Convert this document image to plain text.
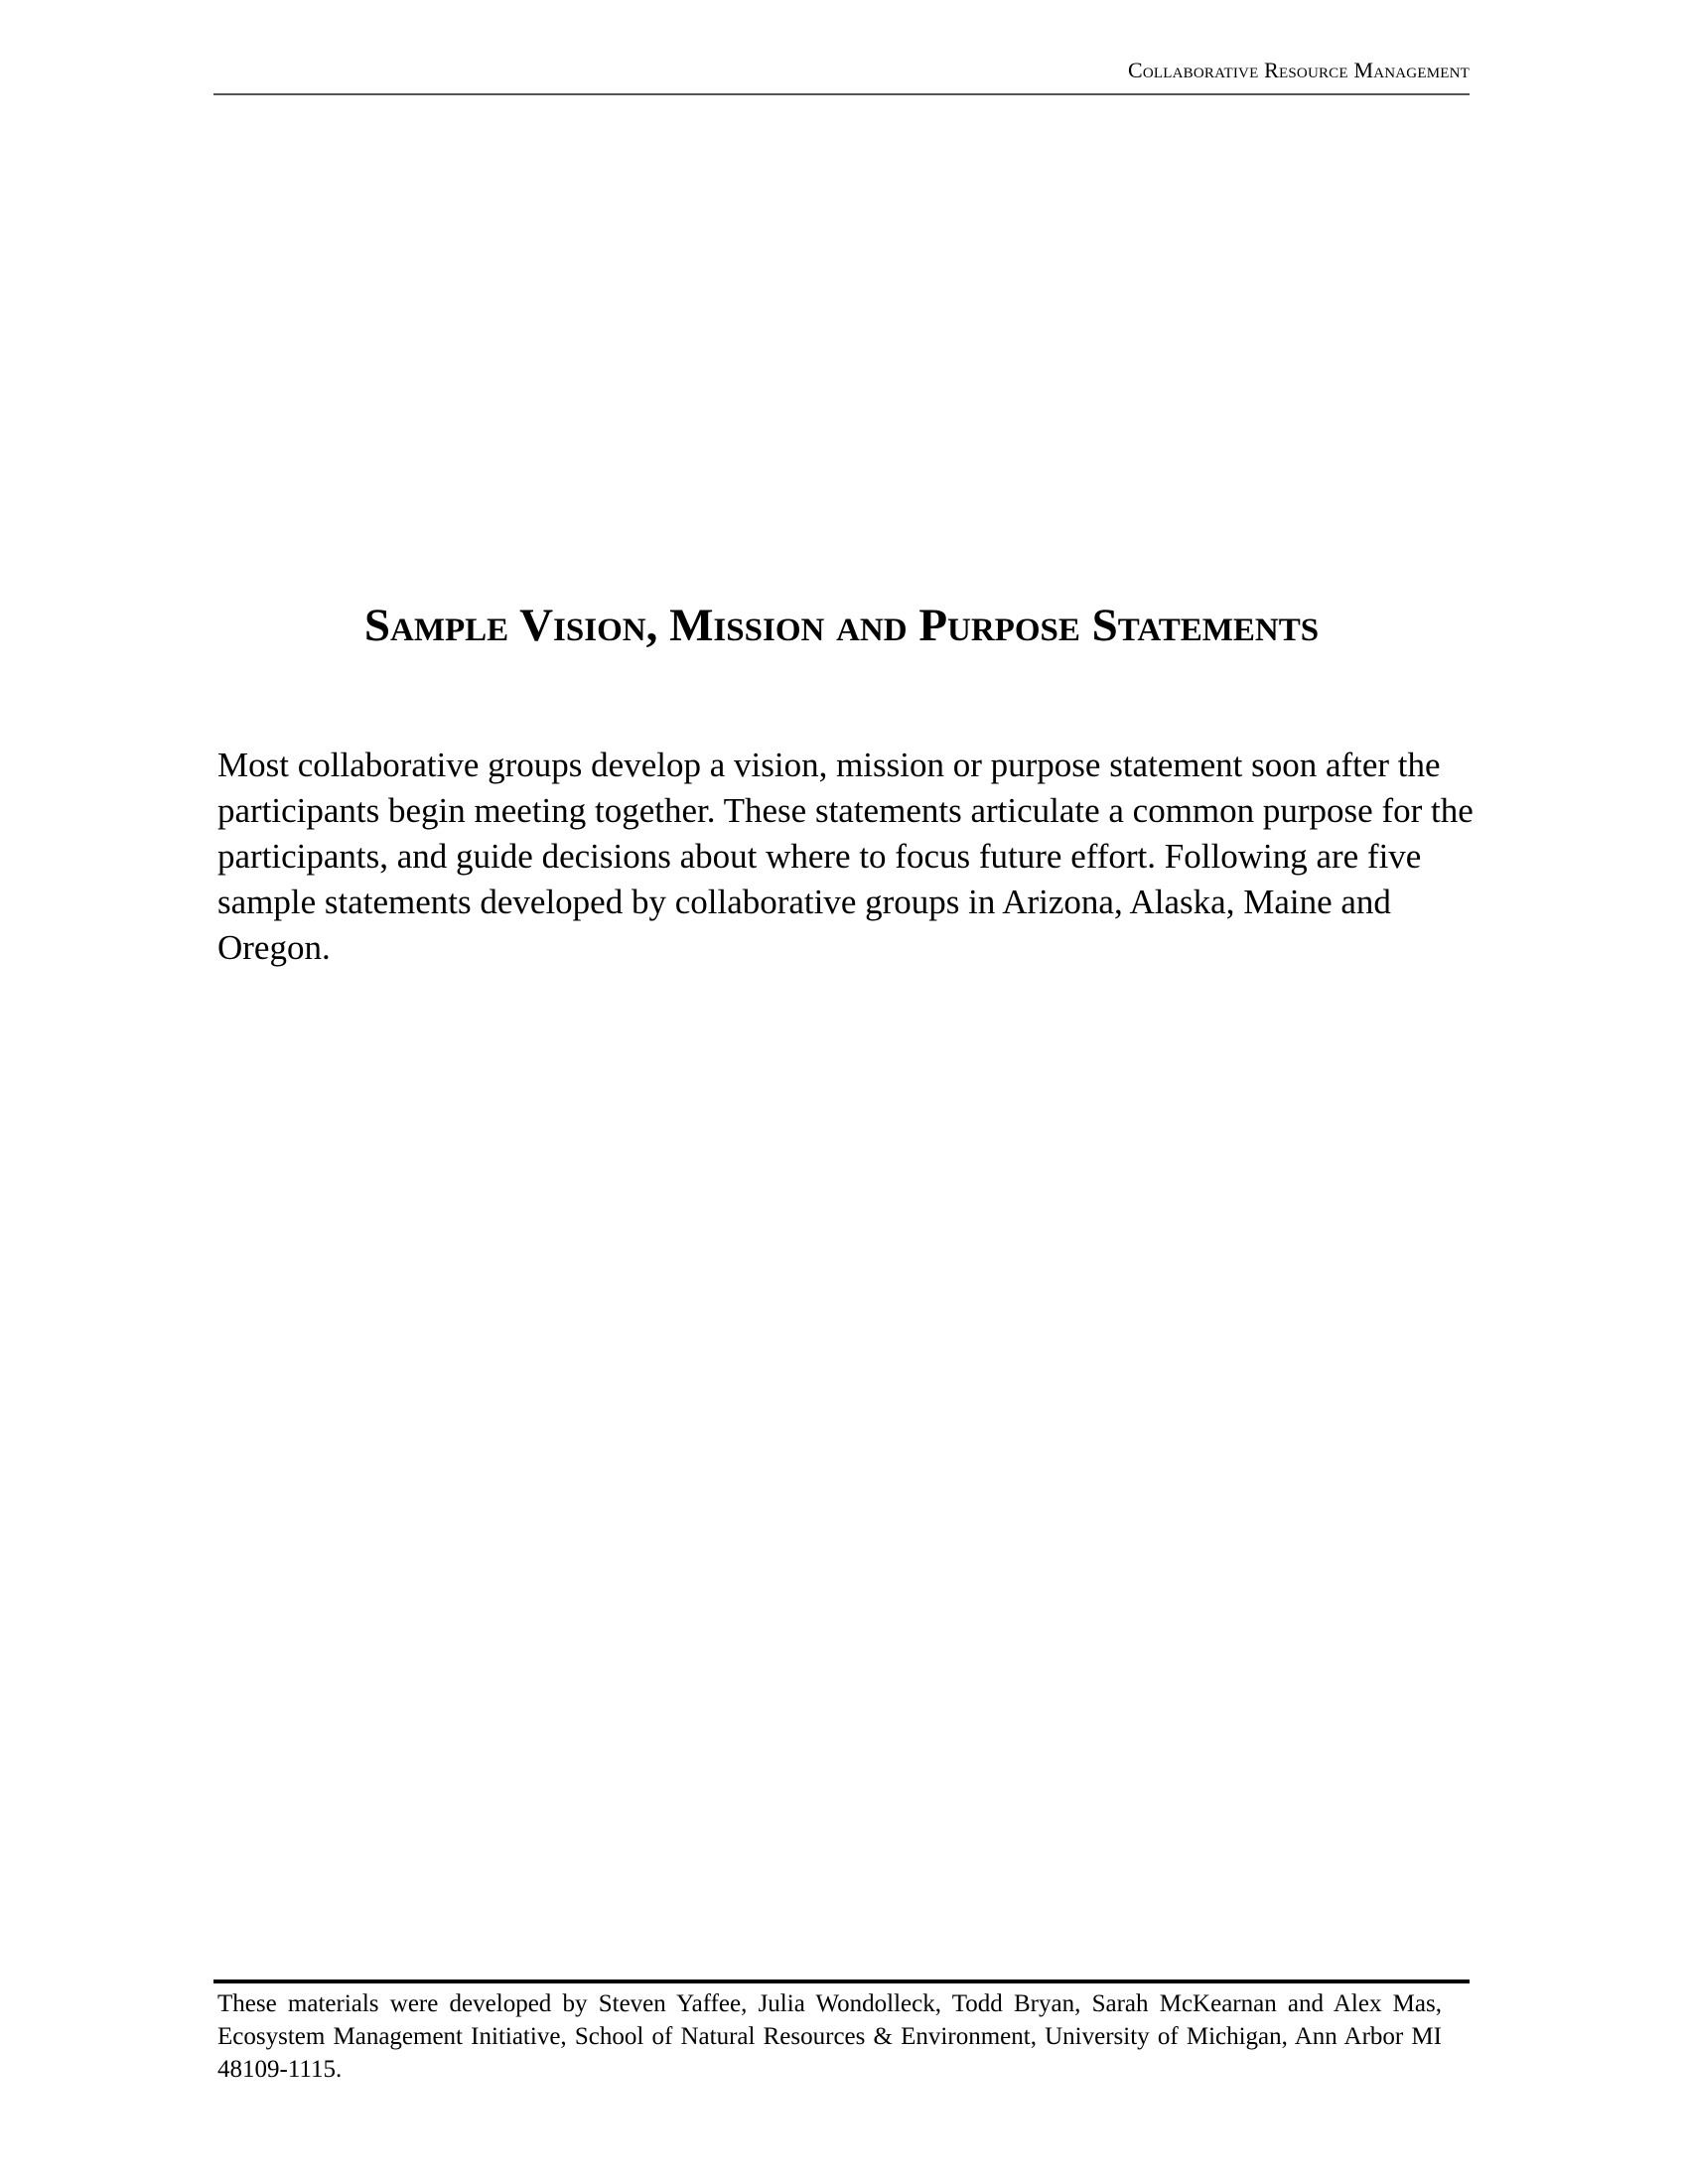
Collaborative Resource Management
Sample Vision, Mission and Purpose Statements

Most collaborative groups develop a vision, mission or purpose statement soon after the participants begin meeting together. These statements articulate a common purpose for the participants, and guide decisions about where to focus future effort. Following are five sample statements developed by collaborative groups in Arizona, Alaska, Maine and Oregon.

These materials were developed by Steven Yaffee, Julia Wondolleck, Todd Bryan, Sarah McKearnan and Alex Mas, Ecosystem Management Initiative, School of Natural Resources & Environment, University of Michigan, Ann Arbor MI 48109-1115.
